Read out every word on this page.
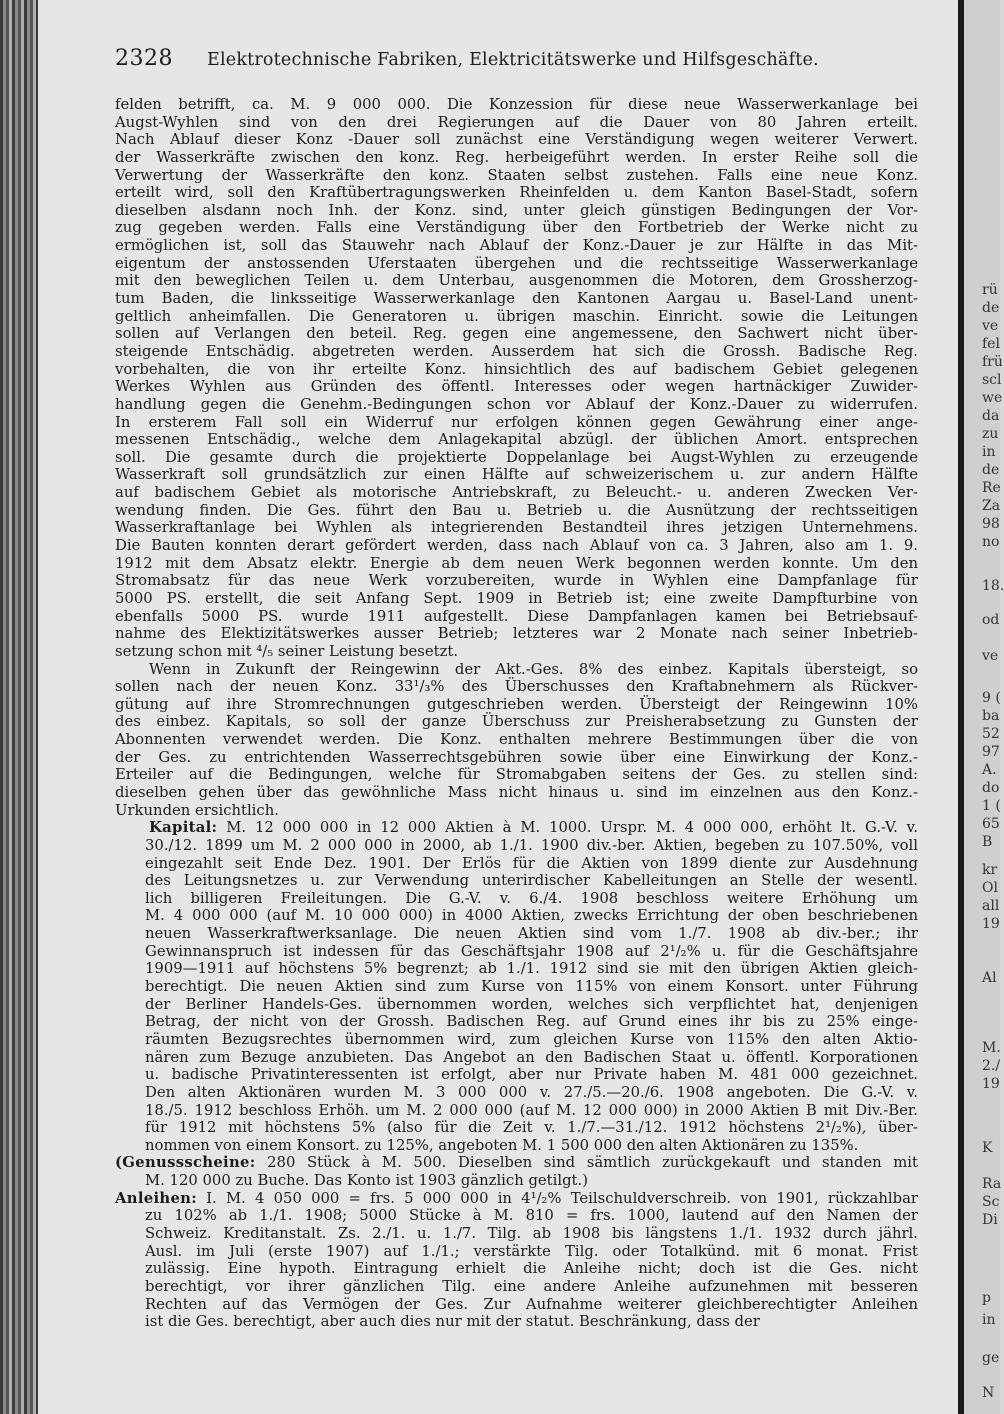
2328 Elektrotechnische Fabriken, Elektricitätswerke und Hilfsgeschäfte.
felden betrifft, ca. M. 9 000 000. Die Konzession für diese neue Wasserwerkanlage bei
Augst-Wyhlen sind von den drei Regierungen auf die Dauer von 80 Jahren erteilt.
Nach Ablauf dieser Konz -Dauer soll zunächst eine Verständigung wegen weiterer Verwert.
der Wasserkräfte zwischen den konz. Reg. herbeigeführt werden. In erster Reihe soll die
Verwertung der Wasserkräfte den konz. Staaten selbst zustehen. Falls eine neue Konz.
erteilt wird, soll den Kraftübertragungswerken Rheinfelden u. dem Kanton Basel-Stadt, sofern
dieselben alsdann noch Inh. der Konz. sind, unter gleich günstigen Bedingungen der Vor-
zug gegeben werden. Falls eine Verständigung über den Fortbetrieb der Werke nicht zu
ermöglichen ist, soll das Stauwehr nach Ablauf der Konz.-Dauer je zur Hälfte in das Mit-
eigentum der anstossenden Uferstaaten übergehen und die rechtsseitige Wasserwerkanlage
mit den beweglichen Teilen u. dem Unterbau, ausgenommen die Motoren, dem Grossherzog-
tum Baden, die linksseitige Wasserwerkanlage den Kantonen Aargau u. Basel-Land unent-
geltlich anheimfallen. Die Generatoren u. übrigen maschin. Einricht. sowie die Leitungen
sollen auf Verlangen den beteil. Reg. gegen eine angemessene, den Sachwert nicht über-
steigende Entschädig. abgetreten werden. Ausserdem hat sich die Grossh. Badische Reg.
vorbehalten, die von ihr erteilte Konz. hinsichtlich des auf badischem Gebiet gelegenen
Werkes Wyhlen aus Gründen des öffentl. Interesses oder wegen hartnäckiger Zuwider-
handlung gegen die Genehm.-Bedingungen schon vor Ablauf der Konz.-Dauer zu widerrufen.
In ersterem Fall soll ein Widerruf nur erfolgen können gegen Gewährung einer ange-
messenen Entschädig., welche dem Anlagekapital abzügl. der üblichen Amort. entsprechen
soll. Die gesamte durch die projektierte Doppelanlage bei Augst-Wyhlen zu erzeugende
Wasserkraft soll grundsätzlich zur einen Hälfte auf schweizerischem u. zur andern Hälfte
auf badischem Gebiet als motorische Antriebskraft, zu Beleucht.- u. anderen Zwecken Ver-
wendung finden. Die Ges. führt den Bau u. Betrieb u. die Ausnützung der rechtsseitigen
Wasserkraftanlage bei Wyhlen als integrierenden Bestandteil ihres jetzigen Unternehmens.
Die Bauten konnten derart gefördert werden, dass nach Ablauf von ca. 3 Jahren, also am 1. 9.
1912 mit dem Absatz elektr. Energie ab dem neuen Werk begonnen werden konnte. Um den
Stromabsatz für das neue Werk vorzubereiten, wurde in Wyhlen eine Dampfanlage für
5000 PS. erstellt, die seit Anfang Sept. 1909 in Betrieb ist; eine zweite Dampfturbine von
ebenfalls 5000 PS. wurde 1911 aufgestellt. Diese Dampfanlagen kamen bei Betriebsauf-
nahme des Elektizitätswerkes ausser Betrieb; letzteres war 2 Monate nach seiner Inbetrieb-
setzung schon mit ⁴/₅ seiner Leistung besetzt.
Wenn in Zukunft der Reingewinn der Akt.-Ges. 8% des einbez. Kapitals übersteigt, so
sollen nach der neuen Konz. 33¹/₃% des Überschusses den Kraftabnehmern als Rückver-
gütung auf ihre Stromrechnungen gutgeschrieben werden. Übersteigt der Reingewinn 10%
des einbez. Kapitals, so soll der ganze Überschuss zur Preisherabsetzung zu Gunsten der
Abonnenten verwendet werden. Die Konz. enthalten mehrere Bestimmungen über die von
der Ges. zu entrichtenden Wasserrechtsgebühren sowie über eine Einwirkung der Konz.-
Erteiler auf die Bedingungen, welche für Stromabgaben seitens der Ges. zu stellen sind:
dieselben gehen über das gewöhnliche Mass nicht hinaus u. sind im einzelnen aus den Konz.-
Urkunden ersichtlich.
Kapital: M. 12 000 000 in 12 000 Aktien à M. 1000. Urspr. M. 4 000 000, erhöht lt. G.-V. v.
30./12. 1899 um M. 2 000 000 in 2000, ab 1./1. 1900 div.-ber. Aktien, begeben zu 107.50%, voll
eingezahlt seit Ende Dez. 1901. Der Erlös für die Aktien von 1899 diente zur Ausdehnung
des Leitungsnetzes u. zur Verwendung unterirdischer Kabelleitungen an Stelle der wesentl.
lich billigeren Freileitungen. Die G.-V. v. 6./4. 1908 beschloss weitere Erhöhung um
M. 4 000 000 (auf M. 10 000 000) in 4000 Aktien, zwecks Errichtung der oben beschriebenen
neuen Wasserkraftwerksanlage. Die neuen Aktien sind vom 1./7. 1908 ab div.-ber.; ihr
Gewinnanspruch ist indessen für das Geschäftsjahr 1908 auf 2¹/₂% u. für die Geschäftsjahre
1909—1911 auf höchstens 5% begrenzt; ab 1./1. 1912 sind sie mit den übrigen Aktien gleich-
berechtigt. Die neuen Aktien sind zum Kurse von 115% von einem Konsort. unter Führung
der Berliner Handels-Ges. übernommen worden, welches sich verpflichtet hat, denjenigen
Betrag, der nicht von der Grossh. Badischen Reg. auf Grund eines ihr bis zu 25% einge-
räumten Bezugsrechtes übernommen wird, zum gleichen Kurse von 115% den alten Aktio-
nären zum Bezuge anzubieten. Das Angebot an den Badischen Staat u. öffentl. Korporationen
u. badische Privatinteressenten ist erfolgt, aber nur Private haben M. 481 000 gezeichnet.
Den alten Aktionären wurden M. 3 000 000 v. 27./5.—20./6. 1908 angeboten. Die G.-V. v.
18./5. 1912 beschloss Erhöh. um M. 2 000 000 (auf M. 12 000 000) in 2000 Aktien B mit Div.-Ber.
für 1912 mit höchstens 5% (also für die Zeit v. 1./7.—31./12. 1912 höchstens 2¹/₂%), über-
nommen von einem Konsort. zu 125%, angeboten M. 1 500 000 den alten Aktionären zu 135%.
(Genussscheine: 280 Stück à M. 500. Dieselben sind sämtlich zurückgekauft und standen mit
M. 120 000 zu Buche. Das Konto ist 1903 gänzlich getilgt.)
Anleihen: I. M. 4 050 000 = frs. 5 000 000 in 4¹/₂% Teilschuldverschreib. von 1901, rückzahlbar
zu 102% ab 1./1. 1908; 5000 Stücke à M. 810 = frs. 1000, lautend auf den Namen der
Schweiz. Kreditanstalt. Zs. 2./1. u. 1./7. Tilg. ab 1908 bis längstens 1./1. 1932 durch jährl.
Ausl. im Juli (erste 1907) auf 1./1.; verstärkte Tilg. oder Totalkünd. mit 6 monat. Frist
zulässig. Eine hypoth. Eintragung erhielt die Anleihe nicht; doch ist die Ges. nicht
berechtigt, vor ihrer gänzlichen Tilg. eine andere Anleihe aufzunehmen mit besseren
Rechten auf das Vermögen der Ges. Zur Aufnahme weiterer gleichberechtigter Anleihen
ist die Ges. berechtigt, aber auch dies nur mit der statut. Beschränkung, dass der
rü
de
ve
fel
frü
scl
we
da
zu
in
de
Re
Za
98
no
18.
od
ve
9 (
ba
52
97
A.
do
1 (
65
B
kr
Ol
all
19
Al
M.
2./
19
K
Ra
Sc
Di
p
in
ge
N
